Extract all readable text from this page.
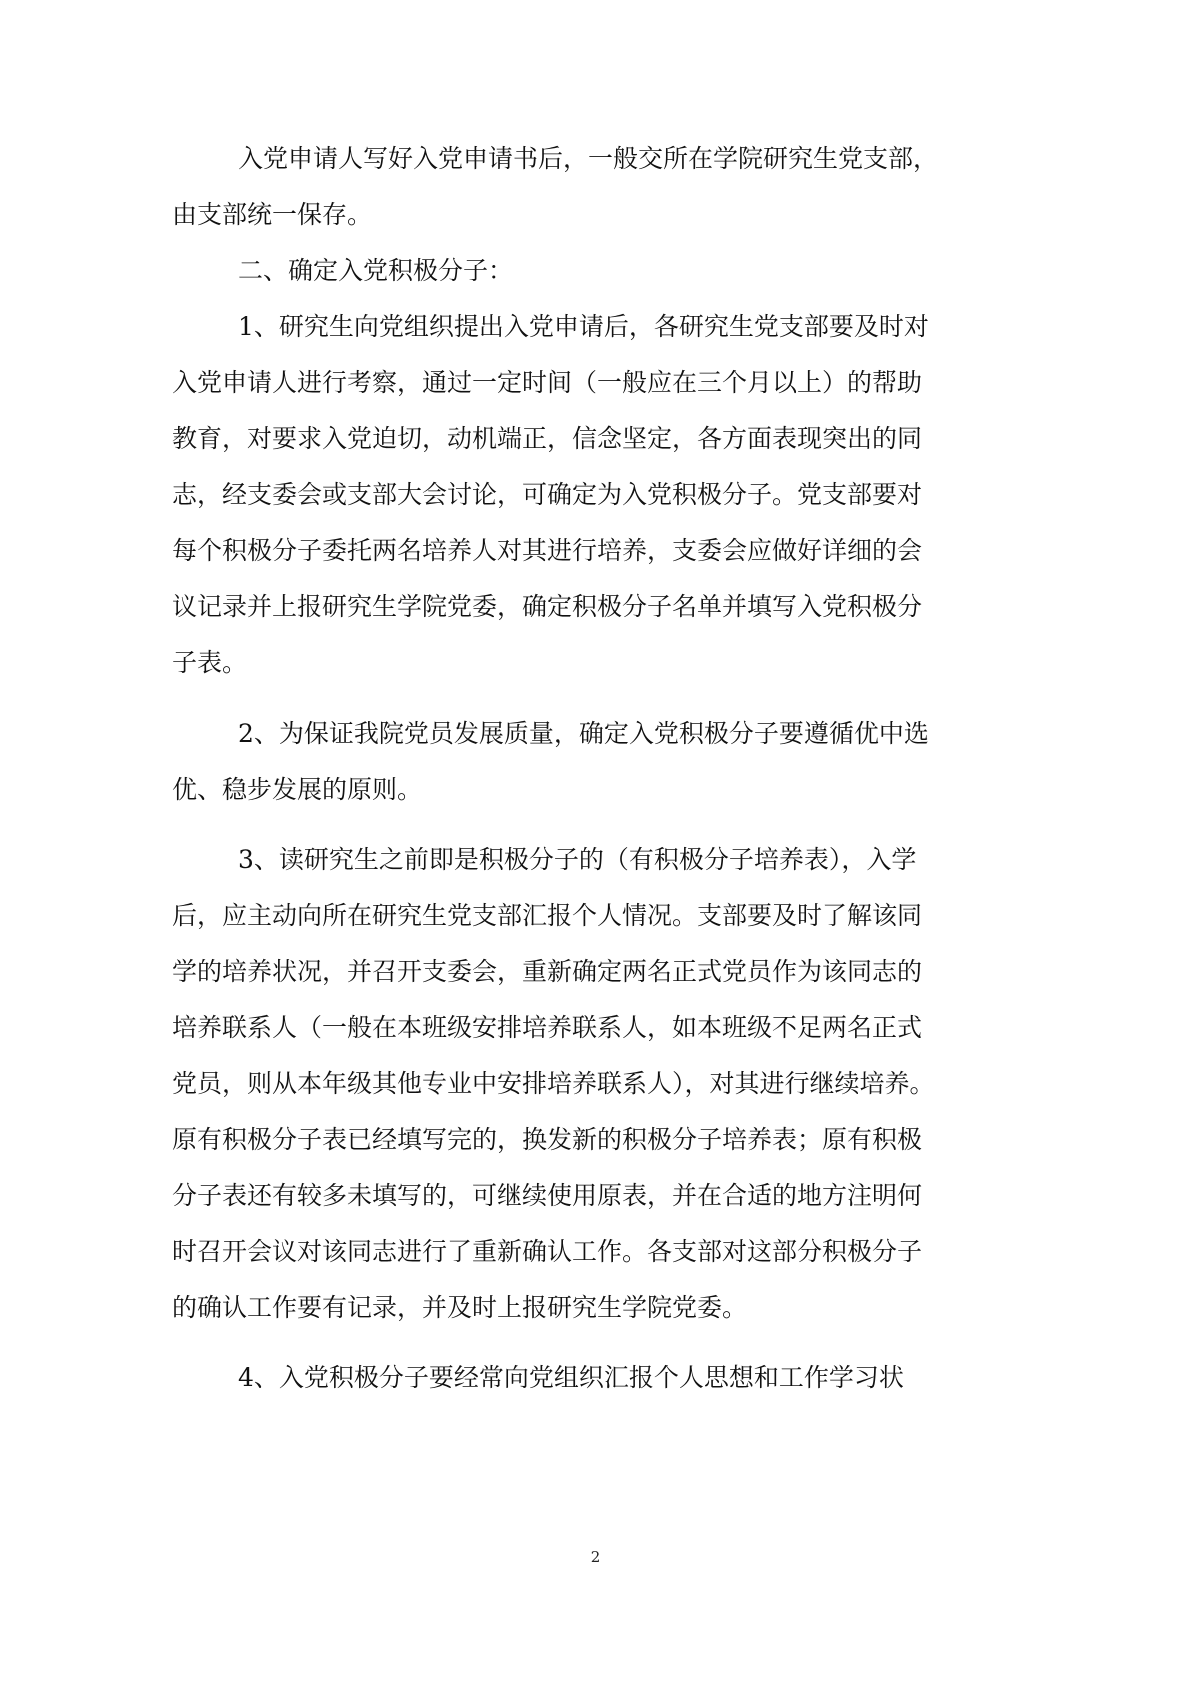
入党申请人写好入党申请书后，一般交所在学院研究生党支部，
由支部统一保存。
二、确定入党积极分子：
1、研究生向党组织提出入党申请后，各研究生党支部要及时对
入党申请人进行考察，通过一定时间（一般应在三个月以上）的帮助
教育，对要求入党迫切，动机端正，信念坚定，各方面表现突出的同
志，经支委会或支部大会讨论，可确定为入党积极分子。党支部要对
每个积极分子委托两名培养人对其进行培养，支委会应做好详细的会
议记录并上报研究生学院党委，确定积极分子名单并填写入党积极分
子表。
2、为保证我院党员发展质量，确定入党积极分子要遵循优中选
优、稳步发展的原则。
3、读研究生之前即是积极分子的（有积极分子培养表），入学
后，应主动向所在研究生党支部汇报个人情况。支部要及时了解该同
学的培养状况，并召开支委会，重新确定两名正式党员作为该同志的
培养联系人（一般在本班级安排培养联系人，如本班级不足两名正式
党员，则从本年级其他专业中安排培养联系人），对其进行继续培养。
原有积极分子表已经填写完的，换发新的积极分子培养表；原有积极
分子表还有较多未填写的，可继续使用原表，并在合适的地方注明何
时召开会议对该同志进行了重新确认工作。各支部对这部分积极分子
的确认工作要有记录，并及时上报研究生学院党委。
4、入党积极分子要经常向党组织汇报个人思想和工作学习状
2
